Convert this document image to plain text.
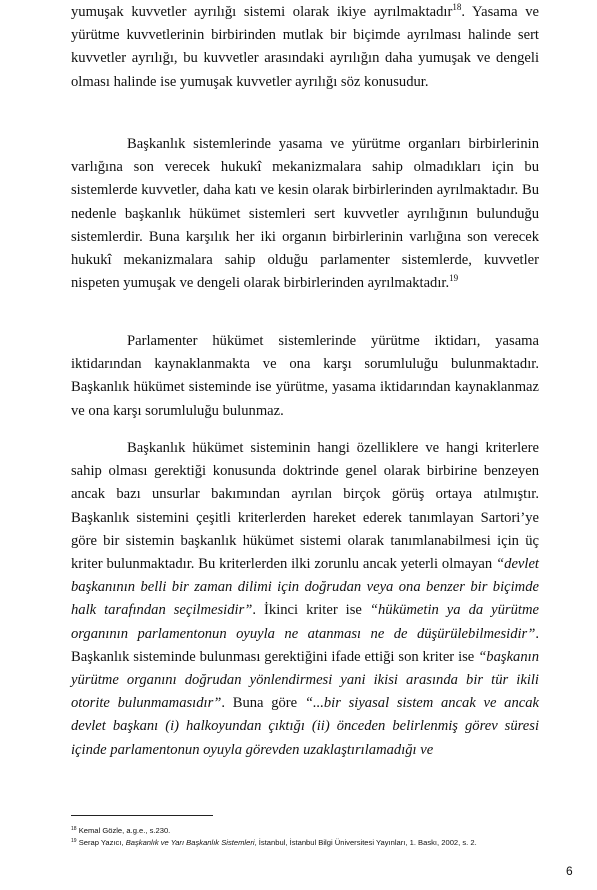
yumuşak kuvvetler ayrılığı sistemi olarak ikiye ayrılmaktadır$^{18}$. Yasama ve yürütme kuvvetlerinin birbirinden mutlak bir biçimde ayrılması halinde sert kuvvetler ayrılığı, bu kuvvetler arasındaki ayrılığın daha yumuşak ve dengeli olması halinde ise yumuşak kuvvetler ayrılığı söz konusudur.

Başkanlık sistemlerinde yasama ve yürütme organları birbirlerinin varlığına son verecek hukukî mekanizmalara sahip olmadıkları için bu sistemlerde kuvvetler, daha katı ve kesin olarak birbirlerinden ayrılmaktadır. Bu nedenle başkanlık hükümet sistemleri sert kuvvetler ayrılığının bulunduğu sistemlerdir. Buna karşılık her iki organın birbirlerinin varlığına son verecek hukukî mekanizmalara sahip olduğu parlamenter sistemlerde, kuvvetler nispeten yumuşak ve dengeli olarak birbirlerinden ayrılmaktadır.$^{19}$

Parlamenter hükümet sistemlerinde yürütme iktidarı, yasama iktidarından kaynaklanmakta ve ona karşı sorumluluğu bulunmaktadır. Başkanlık hükümet sisteminde ise yürütme, yasama iktidarından kaynaklanmaz ve ona karşı sorumluluğu bulunmaz.

Başkanlık hükümet sisteminin hangi özelliklere ve hangi kriterlere sahip olması gerektiği konusunda doktrinde genel olarak birbirine benzeyen ancak bazı unsurlar bakımından ayrılan birçok görüş ortaya atılmıştır. Başkanlık sistemini çeşitli kriterlerden hareket ederek tanımlayan Sartori’ye göre bir sistemin başkanlık hükümet sistemi olarak tanımlanabilmesi için üç kriter bulunmaktadır. Bu kriterlerden ilki zorunlu ancak yeterli olmayan “devlet başkanının belli bir zaman dilimi için doğrudan veya ona benzer bir biçimde halk tarafından seçilmesidir”. İkinci kriter ise “hükümetin ya da yürütme organının parlamentonun oyuyla ne atanması ne de düşürülebilmesidir”. Başkanlık sisteminde bulunması gerektiğini ifade ettiği son kriter ise “başkanın yürütme organını doğrudan yönlendirmesi yani ikisi arasında bir tür ikili otorite bulunmamasıdır”. Buna göre “...bir siyasal sistem ancak ve ancak devlet başkanı (i) halkoyundan çıktığı (ii) önceden belirlenmiş görev süresi içinde parlamentonun oyuyla görevden uzaklaştırılamadığı ve

$^{18}$ Kemal Gözle, a.g.e., s.230.

$^{19}$ Serap Yazıcı, Başkanlık ve Yarı Başkanlık Sistemleri, İstanbul, İstanbul Bilgi Üniversitesi Yayınları, 1. Baskı, 2002, s. 2.

6
